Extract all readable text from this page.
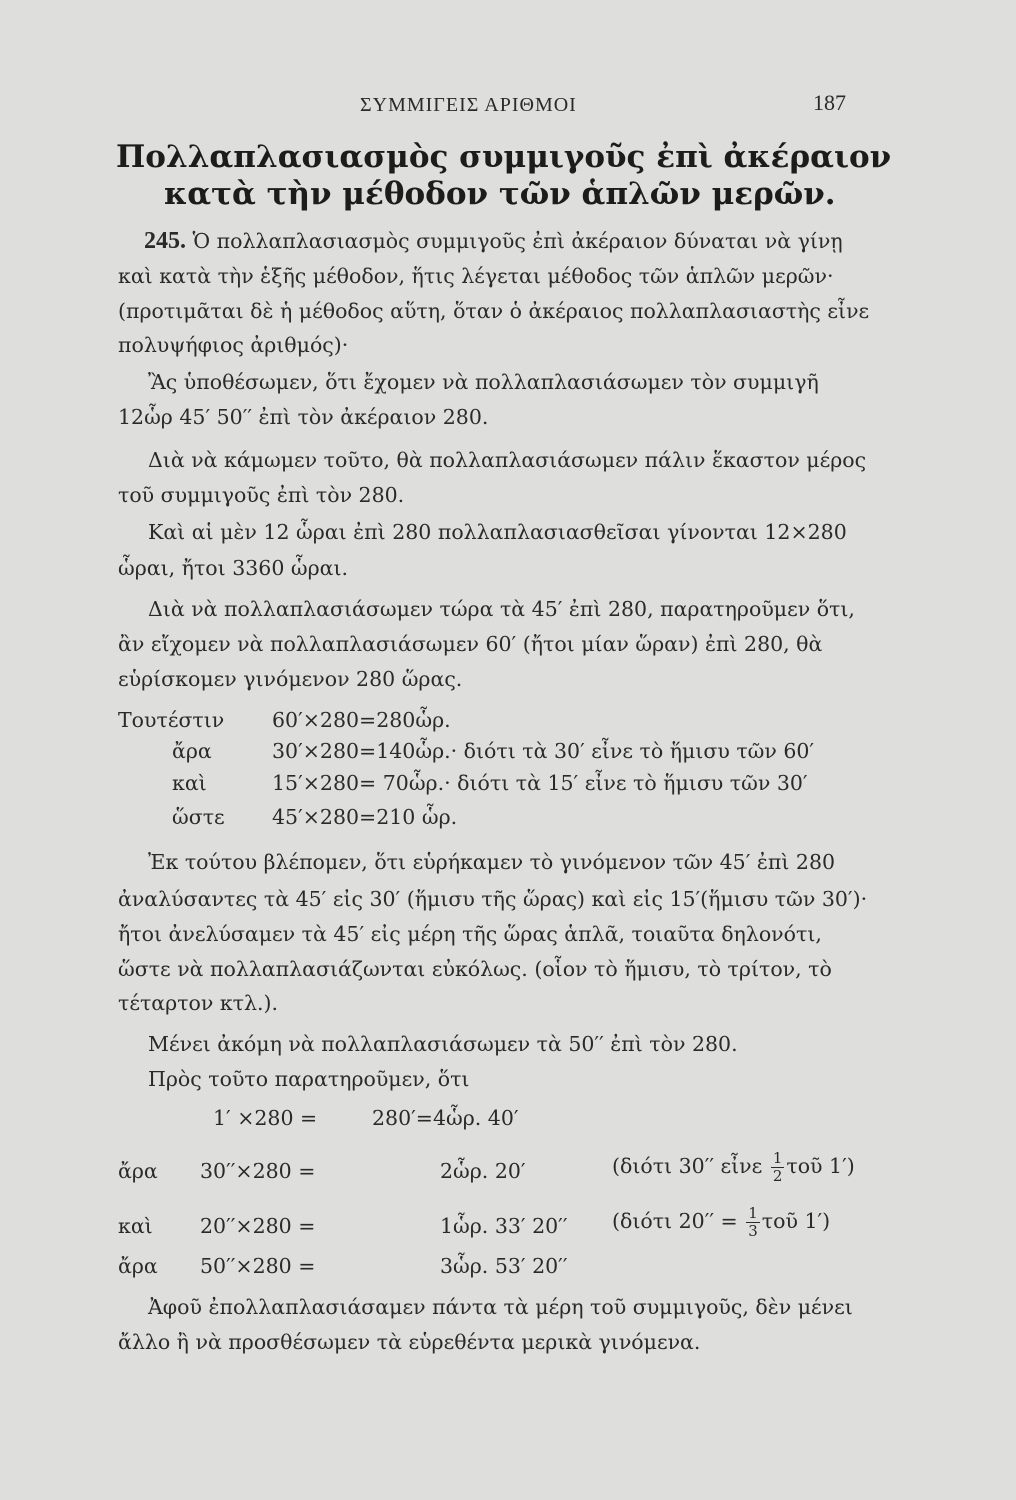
ΣΥΜΜΙΓΕΙΣ ΑΡΙΘΜΟΙ	187
Πολλαπλασιασμὸς συμμιγοῦς ἐπὶ ἀκέραιον
κατὰ τὴν μέθοδον τῶν ἁπλῶν μερῶν.
245. Ὁ πολλαπλασιασμὸς συμμιγοῦς ἐπὶ ἀκέραιον δύναται νὰ γίνῃ
καὶ κατὰ τὴν ἑξῆς μέθοδον, ἥτις λέγεται μέθοδος τῶν ἁπλῶν μερῶν·
(προτιμᾶται δὲ ἡ μέθοδος αὕτη, ὅταν ὁ ἀκέραιος πολλαπλασιαστὴς εἶνε
πολυψήφιος ἀριθμός)·
Ἂς ὑποθέσωμεν, ὅτι ἔχομεν νὰ πολλαπλασιάσωμεν τὸν συμμιγῆ
12ὧρ 45′ 50′′ ἐπὶ τὸν ἀκέραιον 280.
Διὰ νὰ κάμωμεν τοῦτο, θὰ πολλαπλασιάσωμεν πάλιν ἕκαστον μέρος
τοῦ συμμιγοῦς ἐπὶ τὸν 280.
Καὶ αἱ μὲν 12 ὧραι ἐπὶ 280 πολλαπλασιασθεῖσαι γίνονται 12×280
ὧραι, ἤτοι 3360 ὧραι.
Διὰ νὰ πολλαπλασιάσωμεν τώρα τὰ 45′ ἐπὶ 280, παρατηροῦμεν ὅτι,
ἂν εἴχομεν νὰ πολλαπλασιάσωμεν 60′ (ἤτοι μίαν ὥραν) ἐπὶ 280, θὰ
εὑρίσκομεν γινόμενον 280 ὥρας.
Τουτέστιν 60′×280=280ὧρ.
ἄρα	30′×280=140ὧρ.· διότι τὰ 30′ εἶνε τὸ ἥμισυ τῶν 60′
καὶ	15′×280= 70ὧρ.· διότι τὰ 15′ εἶνε τὸ ἥμισυ τῶν 30′
ὥστε 45′×280=210 ὧρ.
Ἐκ τούτου βλέπομεν, ὅτι εὑρήκαμεν τὸ γινόμενον τῶν 45′ ἐπὶ 280
ἀναλύσαντες τὰ 45′ εἰς 30′ (ἥμισυ τῆς ὥρας) καὶ εἰς 15′(ἥμισυ τῶν 30′)·
ἤτοι ἀνελύσαμεν τὰ 45′ εἰς μέρη τῆς ὥρας ἁπλᾶ, τοιαῦτα δηλονότι,
ὥστε νὰ πολλαπλασιάζωνται εὐκόλως. (οἷον τὸ ἥμισυ, τὸ τρίτον, τὸ
τέταρτον κτλ.).
Μένει ἀκόμη νὰ πολλαπλασιάσωμεν τὰ 50′′ ἐπὶ τὸν 280.
Πρὸς τοῦτο παρατηροῦμεν, ὅτι
1′ ×280 =	280′=4ὧρ. 40′
ἄρα 30′′×280 =	2ὧρ. 20′	(διότι 30′′ εἶνε $\frac{1}{2}$ τοῦ 1′)
καὶ 20′′×280 =	1ὧρ. 33′ 20′′ (διότι $20'' = \frac{1}{3}$ τοῦ 1′)
ἄρα 50′′×280 =	3ὧρ. 53′ 20′′
Ἀφοῦ ἐπολλαπλασιάσαμεν πάντα τὰ μέρη τοῦ συμμιγοῦς, δὲν μένει
ἄλλο ἢ νὰ προσθέσωμεν τὰ εὑρεθέντα μερικὰ γινόμενα.
